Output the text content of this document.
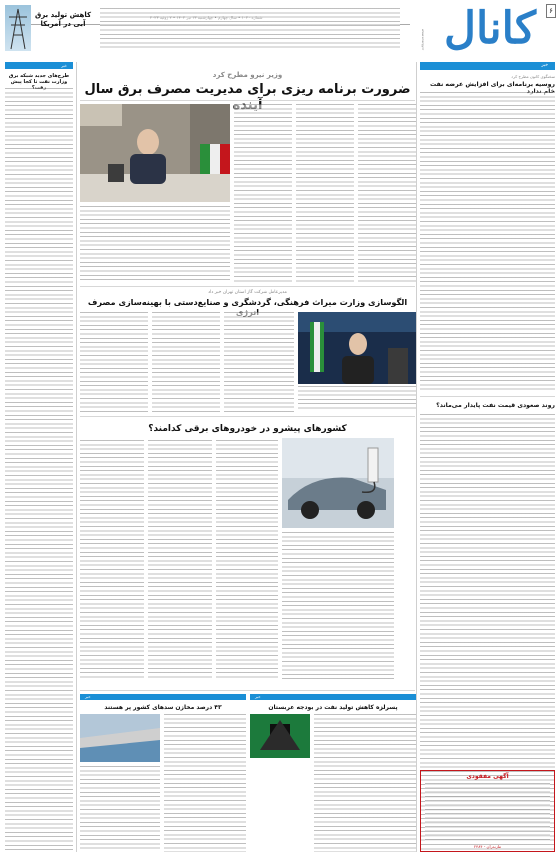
۶
کانال
www.energy.ir
خبر
سخنگوی کانون مطرح کرد
روسیه برنامه‌ای برای افزایش عرضه نفت
روند صعودی قیمت نفت پایدار می‌ماند؟
کاهش تولید برق آبی در آمریکا
خبر
طرح‌های جدید شبکه برق وزارت نفت تا کجا پیش
وزیر نیرو مطرح کرد
ضرورت برنامه ریزی برای مدیریت مصرف برق سال
مدیرعامل شرکت گاز استان تهران خبر داد
الگوسازی وزارت میراث فرهنگی، گردشگری و صنایع‌دستی با بهینه‌سازی مصرف
کشورهای پیشرو در خودروهای برقی کدامند؟
خبر
پسرلزه کاهش تولید نفت در بودجه عربستان
خبر
۴۳ درصد مخازن سدهای کشور پر هستند
آگهی مفقودی
مازندران - ۲۴۸۴
